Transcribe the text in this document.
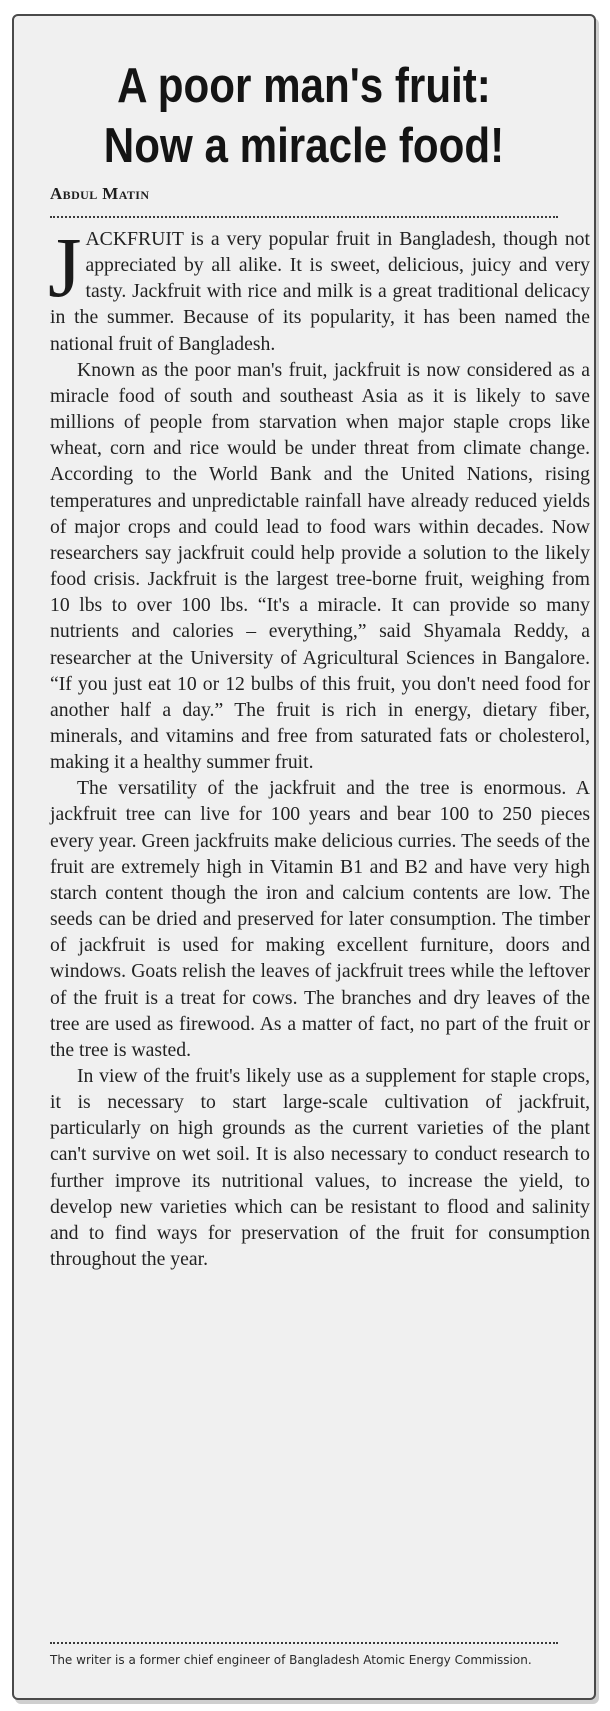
A poor man's fruit:
Now a miracle food!
Abdul Matin

JACKFRUIT is a very popular fruit in Bangladesh, though not appreciated by all alike. It is sweet, delicious, juicy and very tasty. Jackfruit with rice and milk is a great traditional delicacy in the summer. Because of its popularity, it has been named the national fruit of Bangladesh.

Known as the poor man's fruit, jackfruit is now considered as a miracle food of south and southeast Asia as it is likely to save millions of people from starvation when major staple crops like wheat, corn and rice would be under threat from climate change. According to the World Bank and the United Nations, rising temperatures and unpredictable rainfall have already reduced yields of major crops and could lead to food wars within decades. Now researchers say jackfruit could help provide a solution to the likely food crisis. Jackfruit is the largest tree-borne fruit, weighing from 10 lbs to over 100 lbs. “It's a miracle. It can provide so many nutrients and calories – everything,” said Shyamala Reddy, a researcher at the University of Agricultural Sciences in Bangalore. “If you just eat 10 or 12 bulbs of this fruit, you don't need food for another half a day.” The fruit is rich in energy, dietary fiber, minerals, and vitamins and free from saturated fats or cholesterol, making it a healthy summer fruit.

The versatility of the jackfruit and the tree is enormous. A jackfruit tree can live for 100 years and bear 100 to 250 pieces every year. Green jackfruits make delicious curries. The seeds of the fruit are extremely high in Vitamin B1 and B2 and have very high starch content though the iron and calcium contents are low. The seeds can be dried and preserved for later consumption. The timber of jackfruit is used for making excellent furniture, doors and windows. Goats relish the leaves of jackfruit trees while the leftover of the fruit is a treat for cows. The branches and dry leaves of the tree are used as firewood. As a matter of fact, no part of the fruit or the tree is wasted.

In view of the fruit's likely use as a supplement for staple crops, it is necessary to start large-scale cultivation of jackfruit, particularly on high grounds as the current varieties of the plant can't survive on wet soil. It is also necessary to conduct research to further improve its nutritional values, to increase the yield, to develop new varieties which can be resistant to flood and salinity and to find ways for preservation of the fruit for consumption throughout the year.

The writer is a former chief engineer of Bangladesh Atomic Energy Commission.
